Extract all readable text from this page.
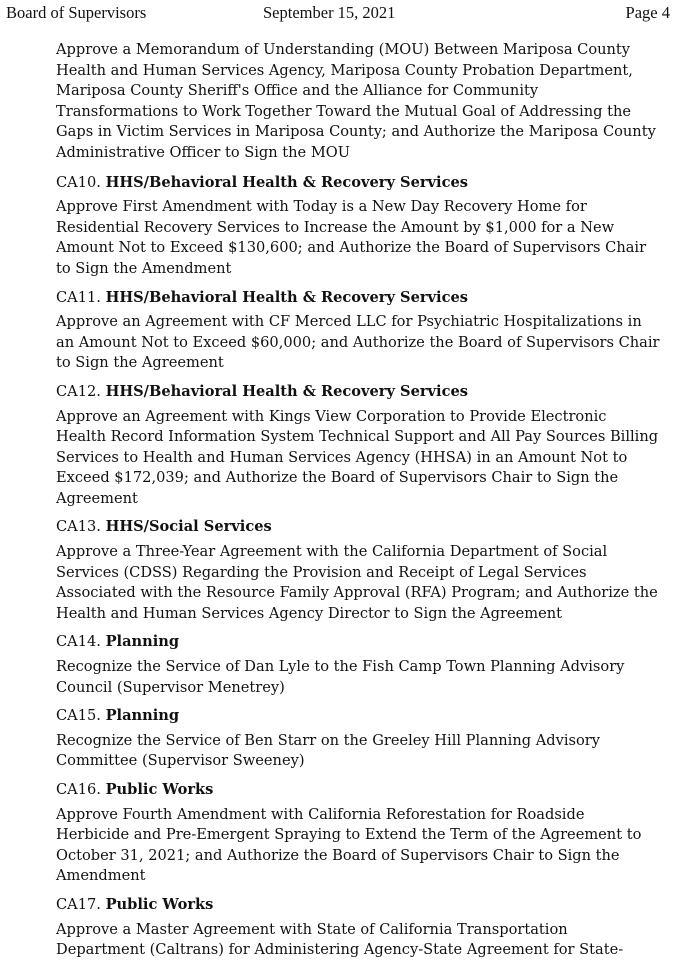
Board of Supervisors	September 15, 2021	Page 4

Approve a Memorandum of Understanding (MOU) Between Mariposa County Health and Human Services Agency, Mariposa County Probation Department, Mariposa County Sheriff's Office and the Alliance for Community Transformations to Work Together Toward the Mutual Goal of Addressing the Gaps in Victim Services in Mariposa County; and Authorize the Mariposa County Administrative Officer to Sign the MOU

CA10. HHS/Behavioral Health & Recovery Services

Approve First Amendment with Today is a New Day Recovery Home for Residential Recovery Services to Increase the Amount by $1,000 for a New Amount Not to Exceed $130,600; and Authorize the Board of Supervisors Chair to Sign the Amendment

CA11. HHS/Behavioral Health & Recovery Services

Approve an Agreement with CF Merced LLC for Psychiatric Hospitalizations in an Amount Not to Exceed $60,000; and Authorize the Board of Supervisors Chair to Sign the Agreement

CA12. HHS/Behavioral Health & Recovery Services

Approve an Agreement with Kings View Corporation to Provide Electronic Health Record Information System Technical Support and All Pay Sources Billing Services to Health and Human Services Agency (HHSA) in an Amount Not to Exceed $172,039; and Authorize the Board of Supervisors Chair to Sign the Agreement

CA13. HHS/Social Services

Approve a Three-Year Agreement with the California Department of Social Services (CDSS) Regarding the Provision and Receipt of Legal Services Associated with the Resource Family Approval (RFA) Program; and Authorize the Health and Human Services Agency Director to Sign the Agreement

CA14. Planning

Recognize the Service of Dan Lyle to the Fish Camp Town Planning Advisory Council (Supervisor Menetrey)

CA15. Planning

Recognize the Service of Ben Starr on the Greeley Hill Planning Advisory Committee (Supervisor Sweeney)

CA16. Public Works

Approve Fourth Amendment with California Reforestation for Roadside Herbicide and Pre-Emergent Spraying to Extend the Term of the Agreement to October 31, 2021; and Authorize the Board of Supervisors Chair to Sign the Amendment

CA17. Public Works

Approve a Master Agreement with State of California Transportation Department (Caltrans) for Administering Agency-State Agreement for State-
